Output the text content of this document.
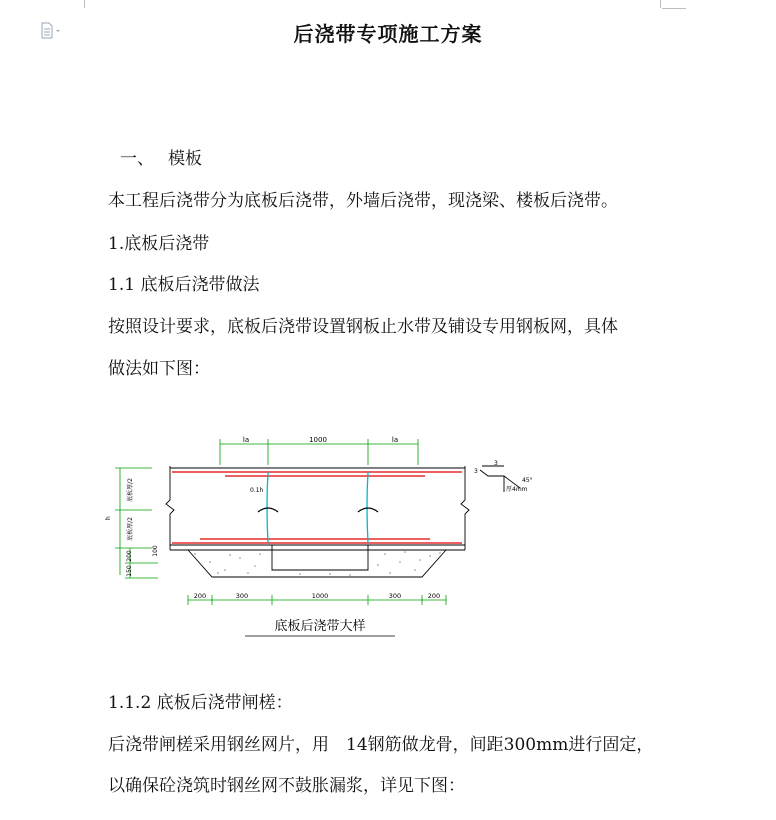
后浇带专项施工方案
一、 模板
本工程后浇带分为底板后浇带，外墙后浇带，现浇梁、楼板后浇带。
1.底板后浇带
1.1 底板后浇带做法
按照设计要求，底板后浇带设置钢板止水带及铺设专用钢板网，具体
做法如下图：
la	1000	la
h
底板厚/2
底板厚/2
200
150
100
0.1h
200	300	1000	300	200
底板后浇带大样
3
3
45°
厚4mm
1.1.2 底板后浇带闸槎：
后浇带闸槎采用钢丝网片，用　14钢筋做龙骨，间距300mm进行固定，
以确保砼浇筑时钢丝网不鼓胀漏浆，详见下图：
